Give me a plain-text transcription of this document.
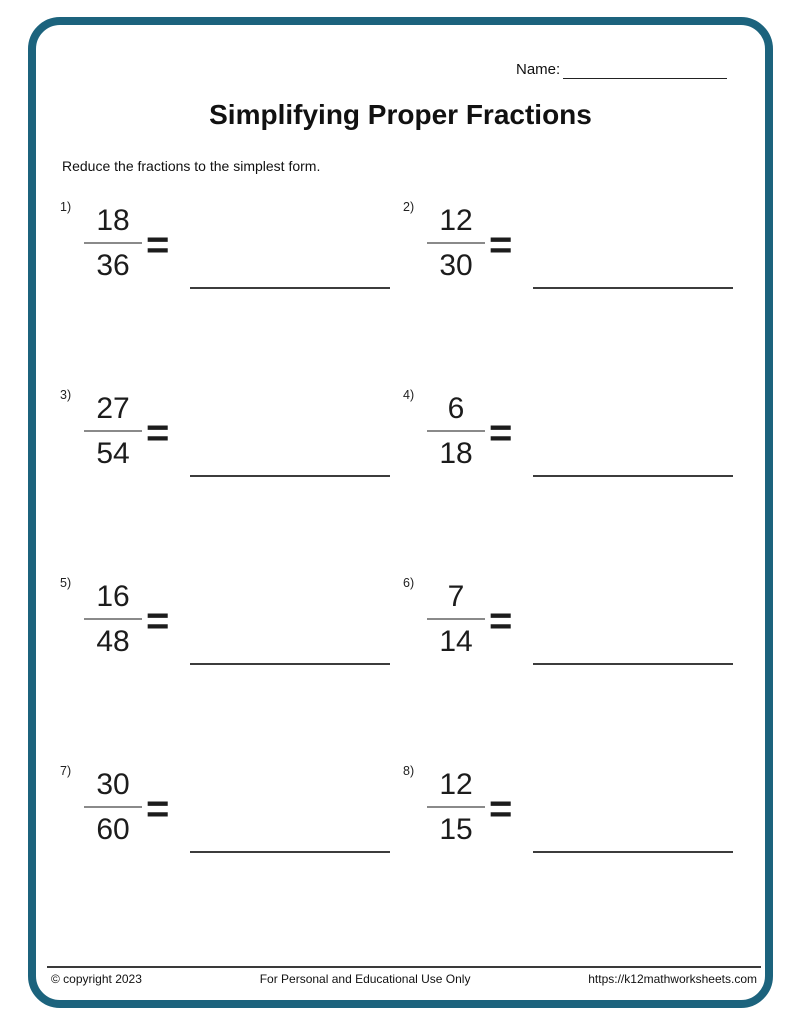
Name:
Simplifying Proper Fractions
Reduce the fractions to the simplest form.
1) 18
36 =
2) 12
30 =
3) 27
54 =
4)	6
18 =
5) 16
48 =
6)	7
14 =
7) 30
60 =
8) 12
15 =
© copyright 2023	For Personal and Educational Use Only	https://k12mathworksheets.com
